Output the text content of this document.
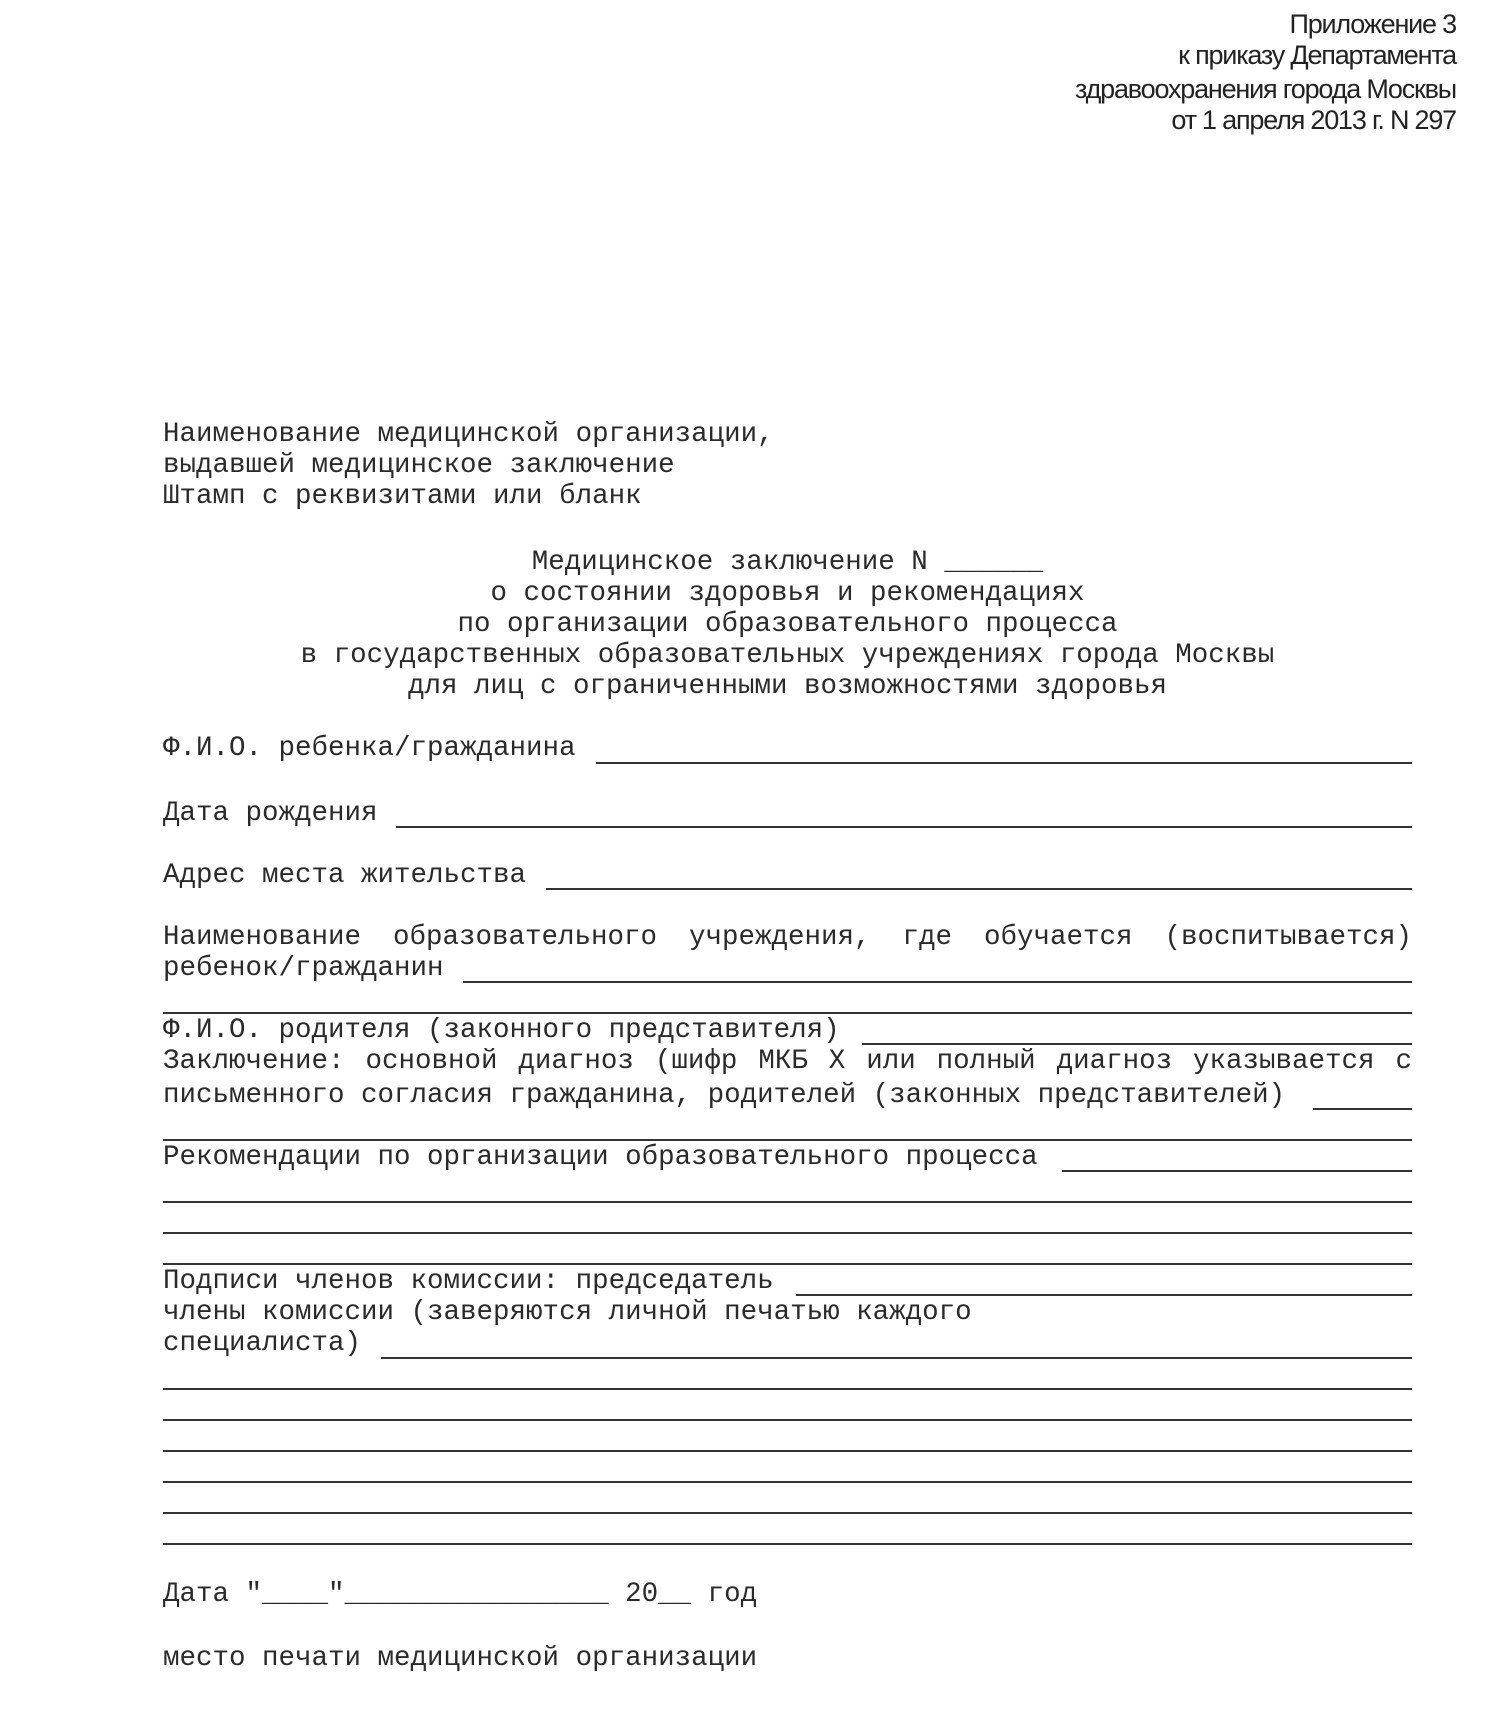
Приложение 3
к приказу Департамента
здравоохранения города Москвы
от 1 апреля 2013 г. N 297
Наименование медицинской организации,
выдавшей медицинское заключение
Штамп с реквизитами или бланк
Медицинское заключение N ______
о состоянии здоровья и рекомендациях
по организации образовательного процесса
в государственных образовательных учреждениях города Москвы
для лиц с ограниченными возможностями здоровья
Ф.И.О. ребенка/гражданина
Дата рождения
Адрес места жительства
Наименование образовательного учреждения, где обучается (воспитывается)
ребенок/гражданин
Ф.И.О. родителя (законного представителя)
Заключение: основной диагноз (шифр МКБ X или полный диагноз указывается с
письменного согласия гражданина, родителей (законных представителей)
Рекомендации по организации образовательного процесса
Подписи членов комиссии: председатель
члены комиссии (заверяются личной печатью каждого
специалиста)
Дата "____"________________ 20__ год
место печати медицинской организации
